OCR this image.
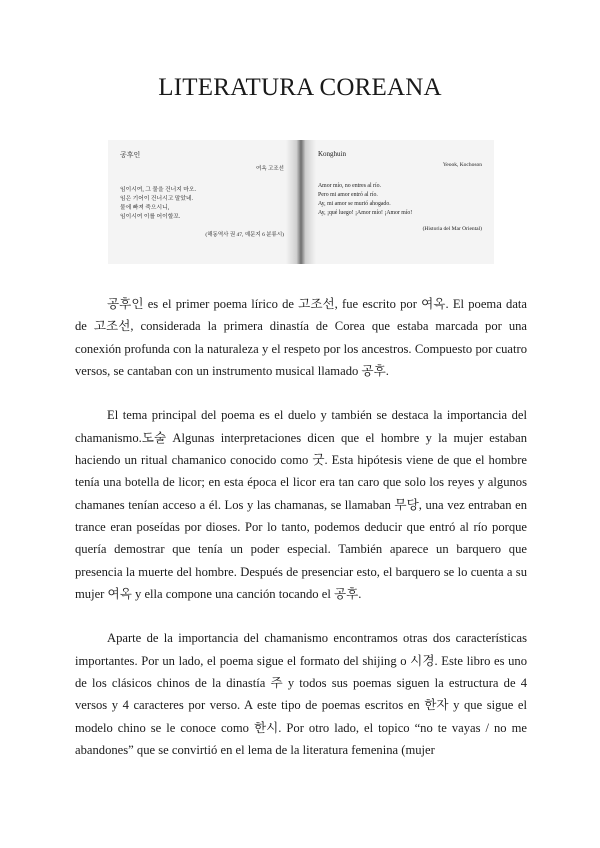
LITERATURA COREANA
공후인
여옥 고조선
임이시여, 그 물을 건너지 마오.
임은 기어이 건너시고 말았네.
물에 빠져 죽으시니,
임이시여 이를 어이할꼬.
(해동역사 권 47, 예문지 6 분류시)
Konghuin
Yeook, Kochoson
Amor mío, no entres al río.
Pero mi amor entró al río.
Ay, mi amor se murió ahogado.
Ay, ¡qué luego! ¡Amor mío! ¡Amor mío!
(Historia del Mar Oriental)

공후인 es el primer poema lírico de 고조선, fue escrito por 여옥. El poema data de 고조선, considerada la primera dinastía de Corea que estaba marcada por una conexión profunda con la naturaleza y el respeto por los ancestros. Compuesto por cuatro versos, se cantaban con un instrumento musical llamado 공후.

El tema principal del poema es el duelo y también se destaca la importancia del chamanismo.도술 Algunas interpretaciones dicen que el hombre y la mujer estaban haciendo un ritual chamanico conocido como 굿. Esta hipótesis viene de que el hombre tenía una botella de licor; en esta época el licor era tan caro que solo los reyes y algunos chamanes tenían acceso a él. Los y las chamanas, se llamaban 무당, una vez entraban en trance eran poseídas por dioses. Por lo tanto, podemos deducir que entró al río porque quería demostrar que tenía un poder especial. También aparece un barquero que presencia la muerte del hombre. Después de presenciar esto, el barquero se lo cuenta a su mujer 여옥 y ella compone una canción tocando el 공후.

Aparte de la importancia del chamanismo encontramos otras dos características importantes. Por un lado, el poema sigue el formato del shijing o 시경. Este libro es uno de los clásicos chinos de la dinastía 주 y todos sus poemas siguen la estructura de 4 versos y 4 caracteres por verso. A este tipo de poemas escritos en 한자 y que sigue el modelo chino se le conoce como 한시. Por otro lado, el topico “no te vayas / no me abandones” que se convirtió en el lema de la literatura femenina (mujer
